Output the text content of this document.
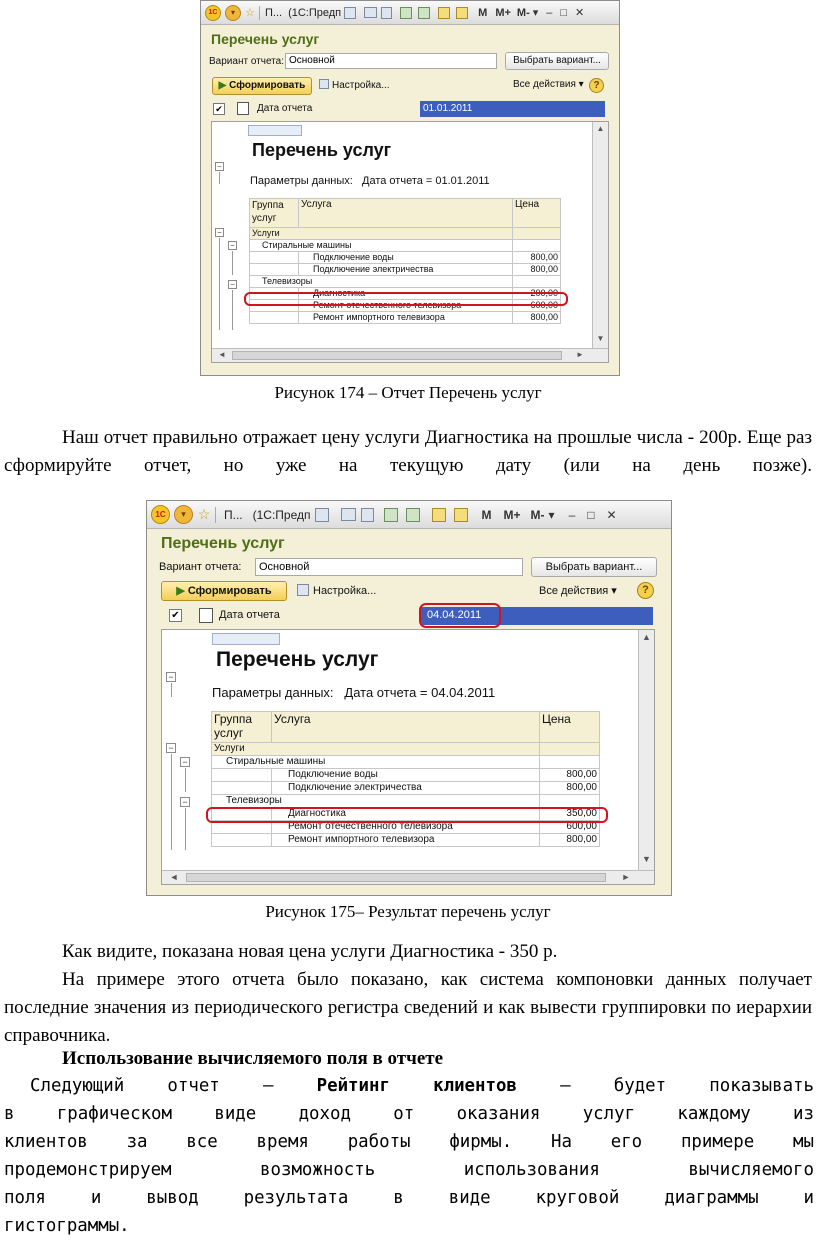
1C	▾ ☆ П... (1С:Предп	M M+ M- ▾ – □ ✕
Перечень услуг
Вариант отчета: Основной	Выбрать вариант...
▶ Сформировать	Настройка...	Все действия ▾ ?
✔	Дата отчета	01.01.2011
−
−
−
−
Перечень услуг
Параметры данных: Дата отчета = 01.01.2011
Группа услуг	Услуга	Цена
Услуги		
Стиральные машины		
	Подключение воды	800,00
	Подключение электричества	800,00
Телевизоры		
	Диагностика	200,00
	Ремонт отечественного телевизора	600,00
	Ремонт импортного телевизора	800,00
▲
▼
◄	►
Рисунок 174 – Отчет Перечень услуг
Наш отчет правильно отражает цену услуги Диагностика на прошлые числа - 200р. Еще раз сформируйте отчет, но уже на текущую дату (или на день позже).
1C	▾ ☆	П... (1С:Предп	M M+ M- ▾ – □ ✕
Перечень услуг
Вариант отчета:	Основной	Выбрать вариант...
▶ Сформировать	Настройка...	Все действия ▾	?
✔	Дата отчета	04.04.2011
−
−
−
−
Перечень услуг
Параметры данных: Дата отчета = 04.04.2011
Группа услуг	Услуга	Цена
Услуги		
Стиральные машины		
	Подключение воды	800,00
	Подключение электричества	800,00
Телевизоры		
	Диагностика	350,00
	Ремонт отечественного телевизора	600,00
	Ремонт импортного телевизора	800,00
▲
▼
◄	►
Рисунок 175– Результат перечень услуг
Как видите, показана новая цена услуги Диагностика - 350 р.
На примере этого отчета было показано, как система компоновки данных получает последние значения из периодического регистра сведений и как вывести группировки по иерархии справочника.
Использование вычисляемого поля в отчете
Следующий отчет – Рейтинг клиентов – будет показывать
в графическом виде доход от оказания услуг каждому из
клиентов за все время работы фирмы. На его примере мы
продемонстрируем возможность использования вычисляемого
поля и вывод результата в виде круговой диаграммы и
гистограммы.
